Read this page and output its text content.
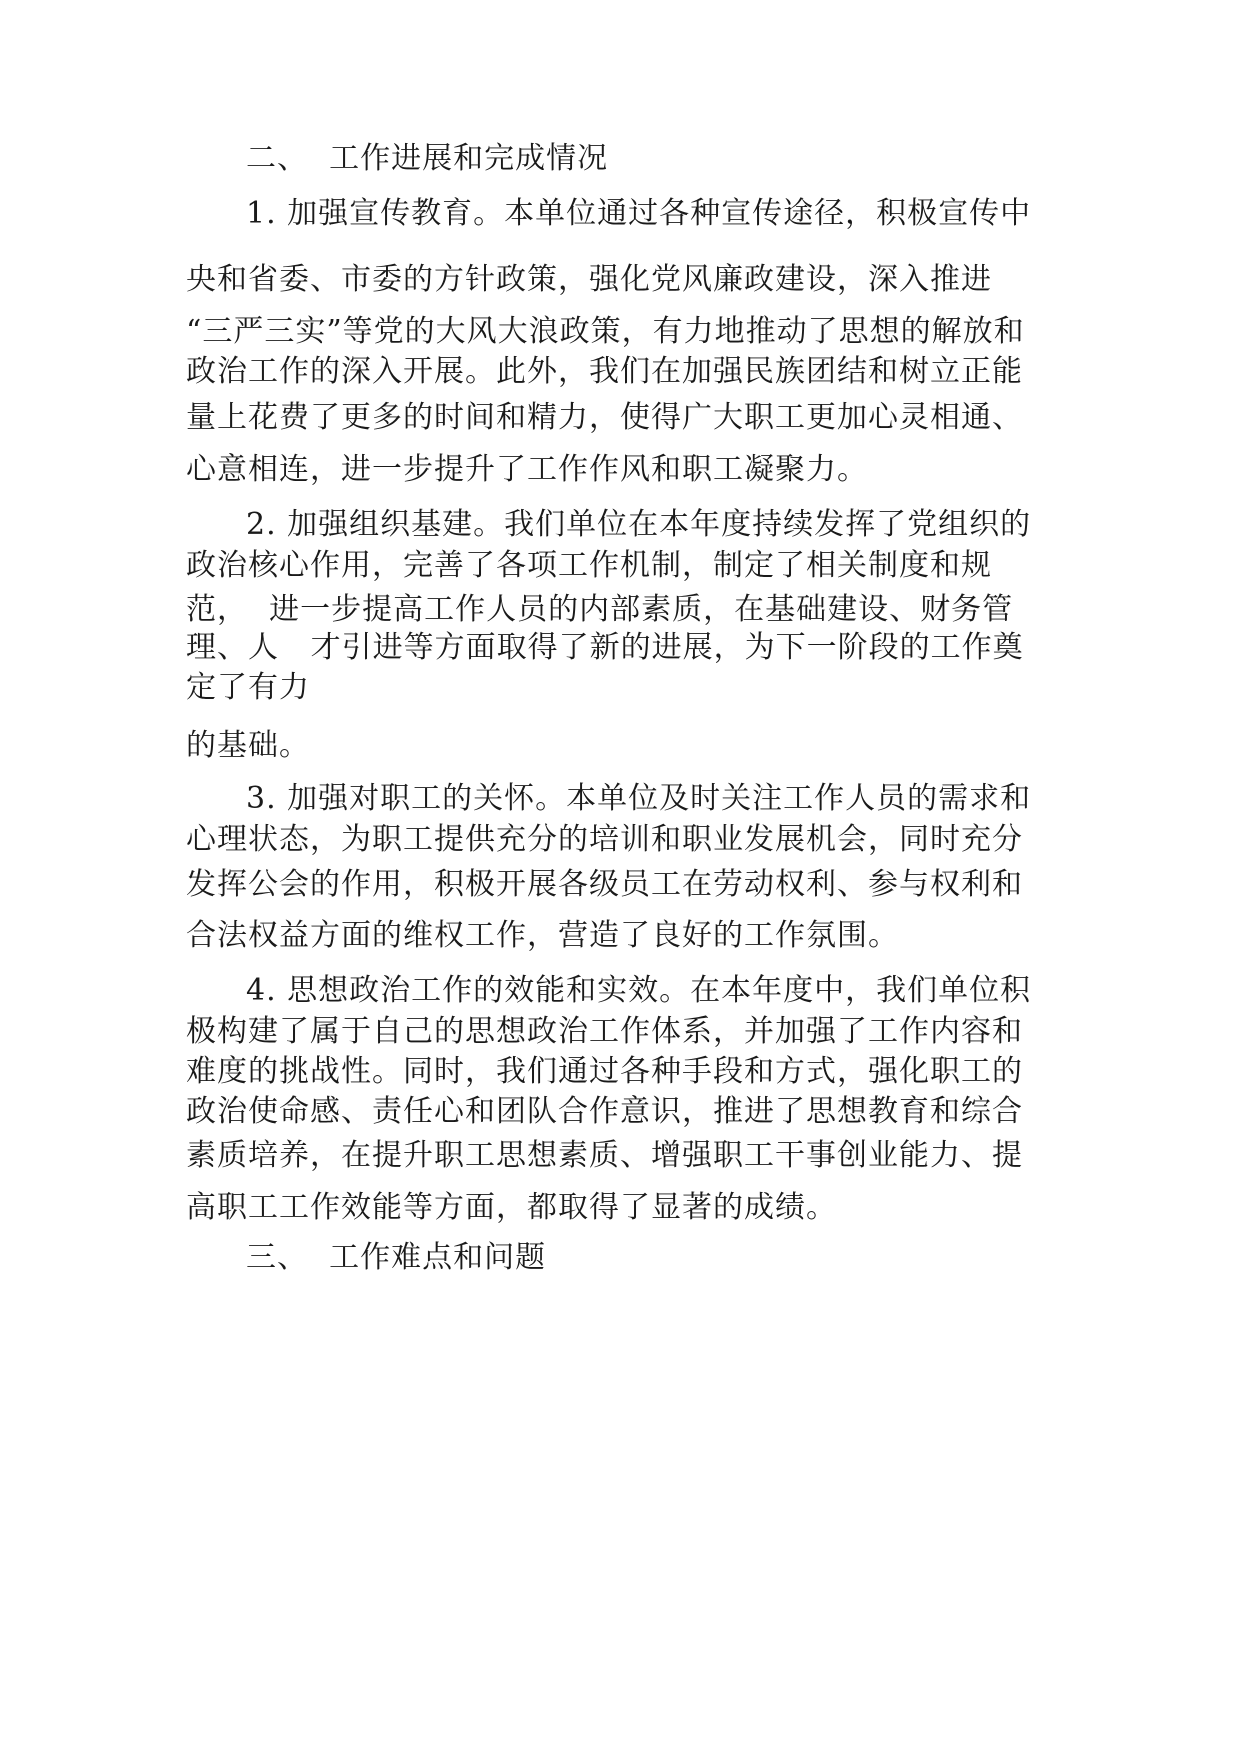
二、  工作进展和完成情况
1. 加强宣传教育。本单位通过各种宣传途径，积极宣传中
央和省委、市委的方针政策，强化党风廉政建设，深入推进
“三严三实”等党的大风大浪政策，有力地推动了思想的解放和
政治工作的深入开展。此外，我们在加强民族团结和树立正能
量上花费了更多的时间和精力，使得广大职工更加心灵相通、
心意相连，进一步提升了工作作风和职工凝聚力。
2. 加强组织基建。我们单位在本年度持续发挥了党组织的
政治核心作用，完善了各项工作机制，制定了相关制度和规
范，  进一步提高工作人员的内部素质，在基础建设、财务管
理、人   才引进等方面取得了新的进展，为下一阶段的工作奠
定了有力
的基础。
3. 加强对职工的关怀。本单位及时关注工作人员的需求和
心理状态，为职工提供充分的培训和职业发展机会，同时充分
发挥公会的作用，积极开展各级员工在劳动权利、参与权利和
合法权益方面的维权工作，营造了良好的工作氛围。
4. 思想政治工作的效能和实效。在本年度中，我们单位积
极构建了属于自己的思想政治工作体系，并加强了工作内容和
难度的挑战性。同时，我们通过各种手段和方式，强化职工的
政治使命感、责任心和团队合作意识，推进了思想教育和综合
素质培养，在提升职工思想素质、增强职工干事创业能力、提
高职工工作效能等方面，都取得了显著的成绩。
三、  工作难点和问题
